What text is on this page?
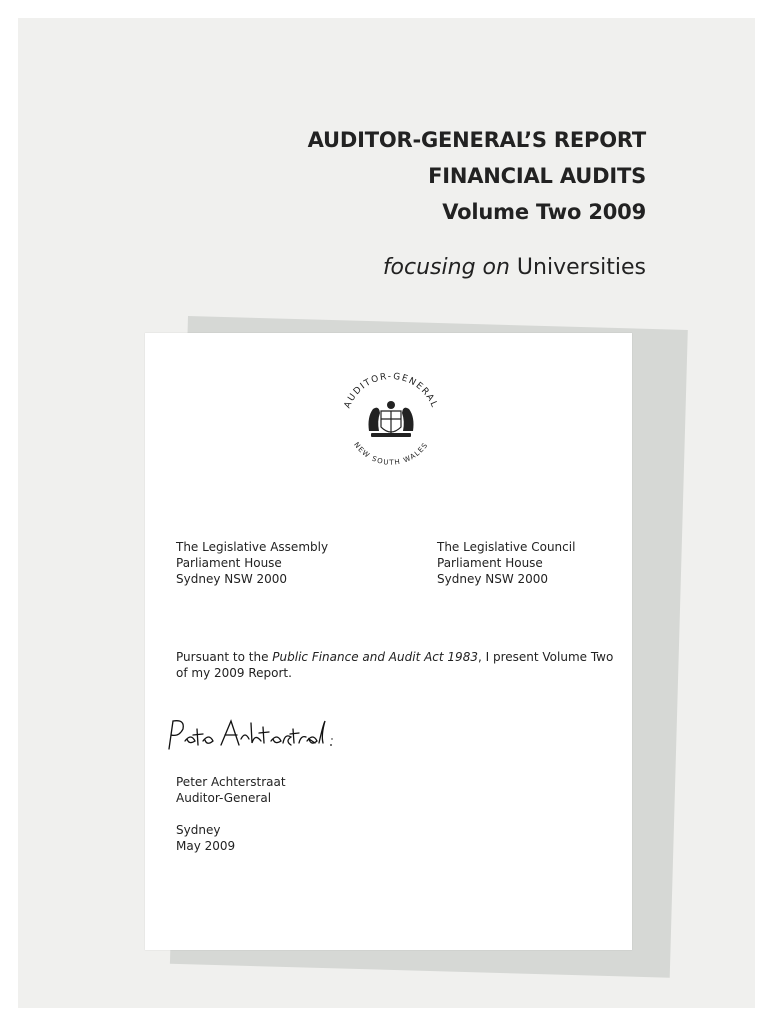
AUDITOR-GENERAL’S REPORT
FINANCIAL AUDITS
Volume Two 2009
focusing on Universities
AUDITOR-GENERAL
NEW SOUTH WALES
The Legislative Assembly
Parliament House
Sydney NSW 2000
The Legislative Council
Parliament House
Sydney NSW 2000
Pursuant to the Public Finance and Audit Act 1983, I present Volume Two of my 2009 Report.
Peter Achterstraat
Auditor-General
Sydney
May 2009
